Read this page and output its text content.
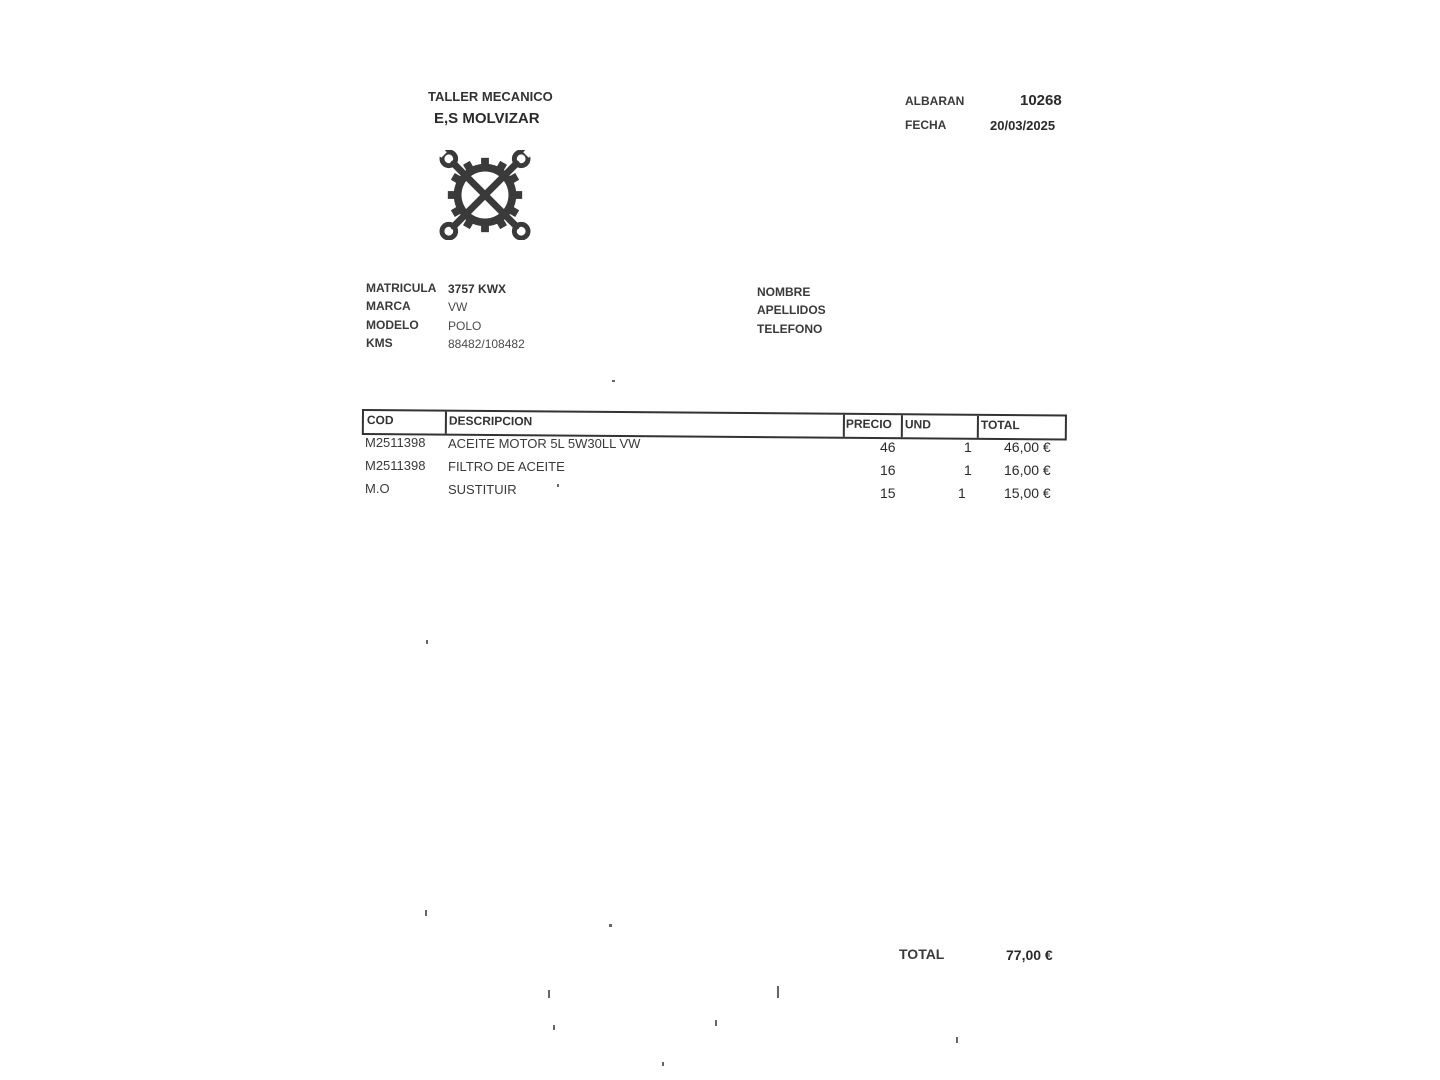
TALLER MECANICO
E,S MOLVIZAR
ALBARAN	10268
FECHA	20/03/2025
MATRICULA 3757 KWX
MARCA	VW
MODELO POLO
KMS	88482/108482
NOMBRE
APELLIDOS
TELEFONO
COD	DESCRIPCION	PRECIO UND	TOTAL
M2511398 ACEITE MOTOR 5L 5W30LL VW	46	1 46,00 €
M2511398 FILTRO DE ACEITE	16	1 16,00 €
M.O	SUSTITUIR	15	1	15,00 €
TOTAL	77,00 €
